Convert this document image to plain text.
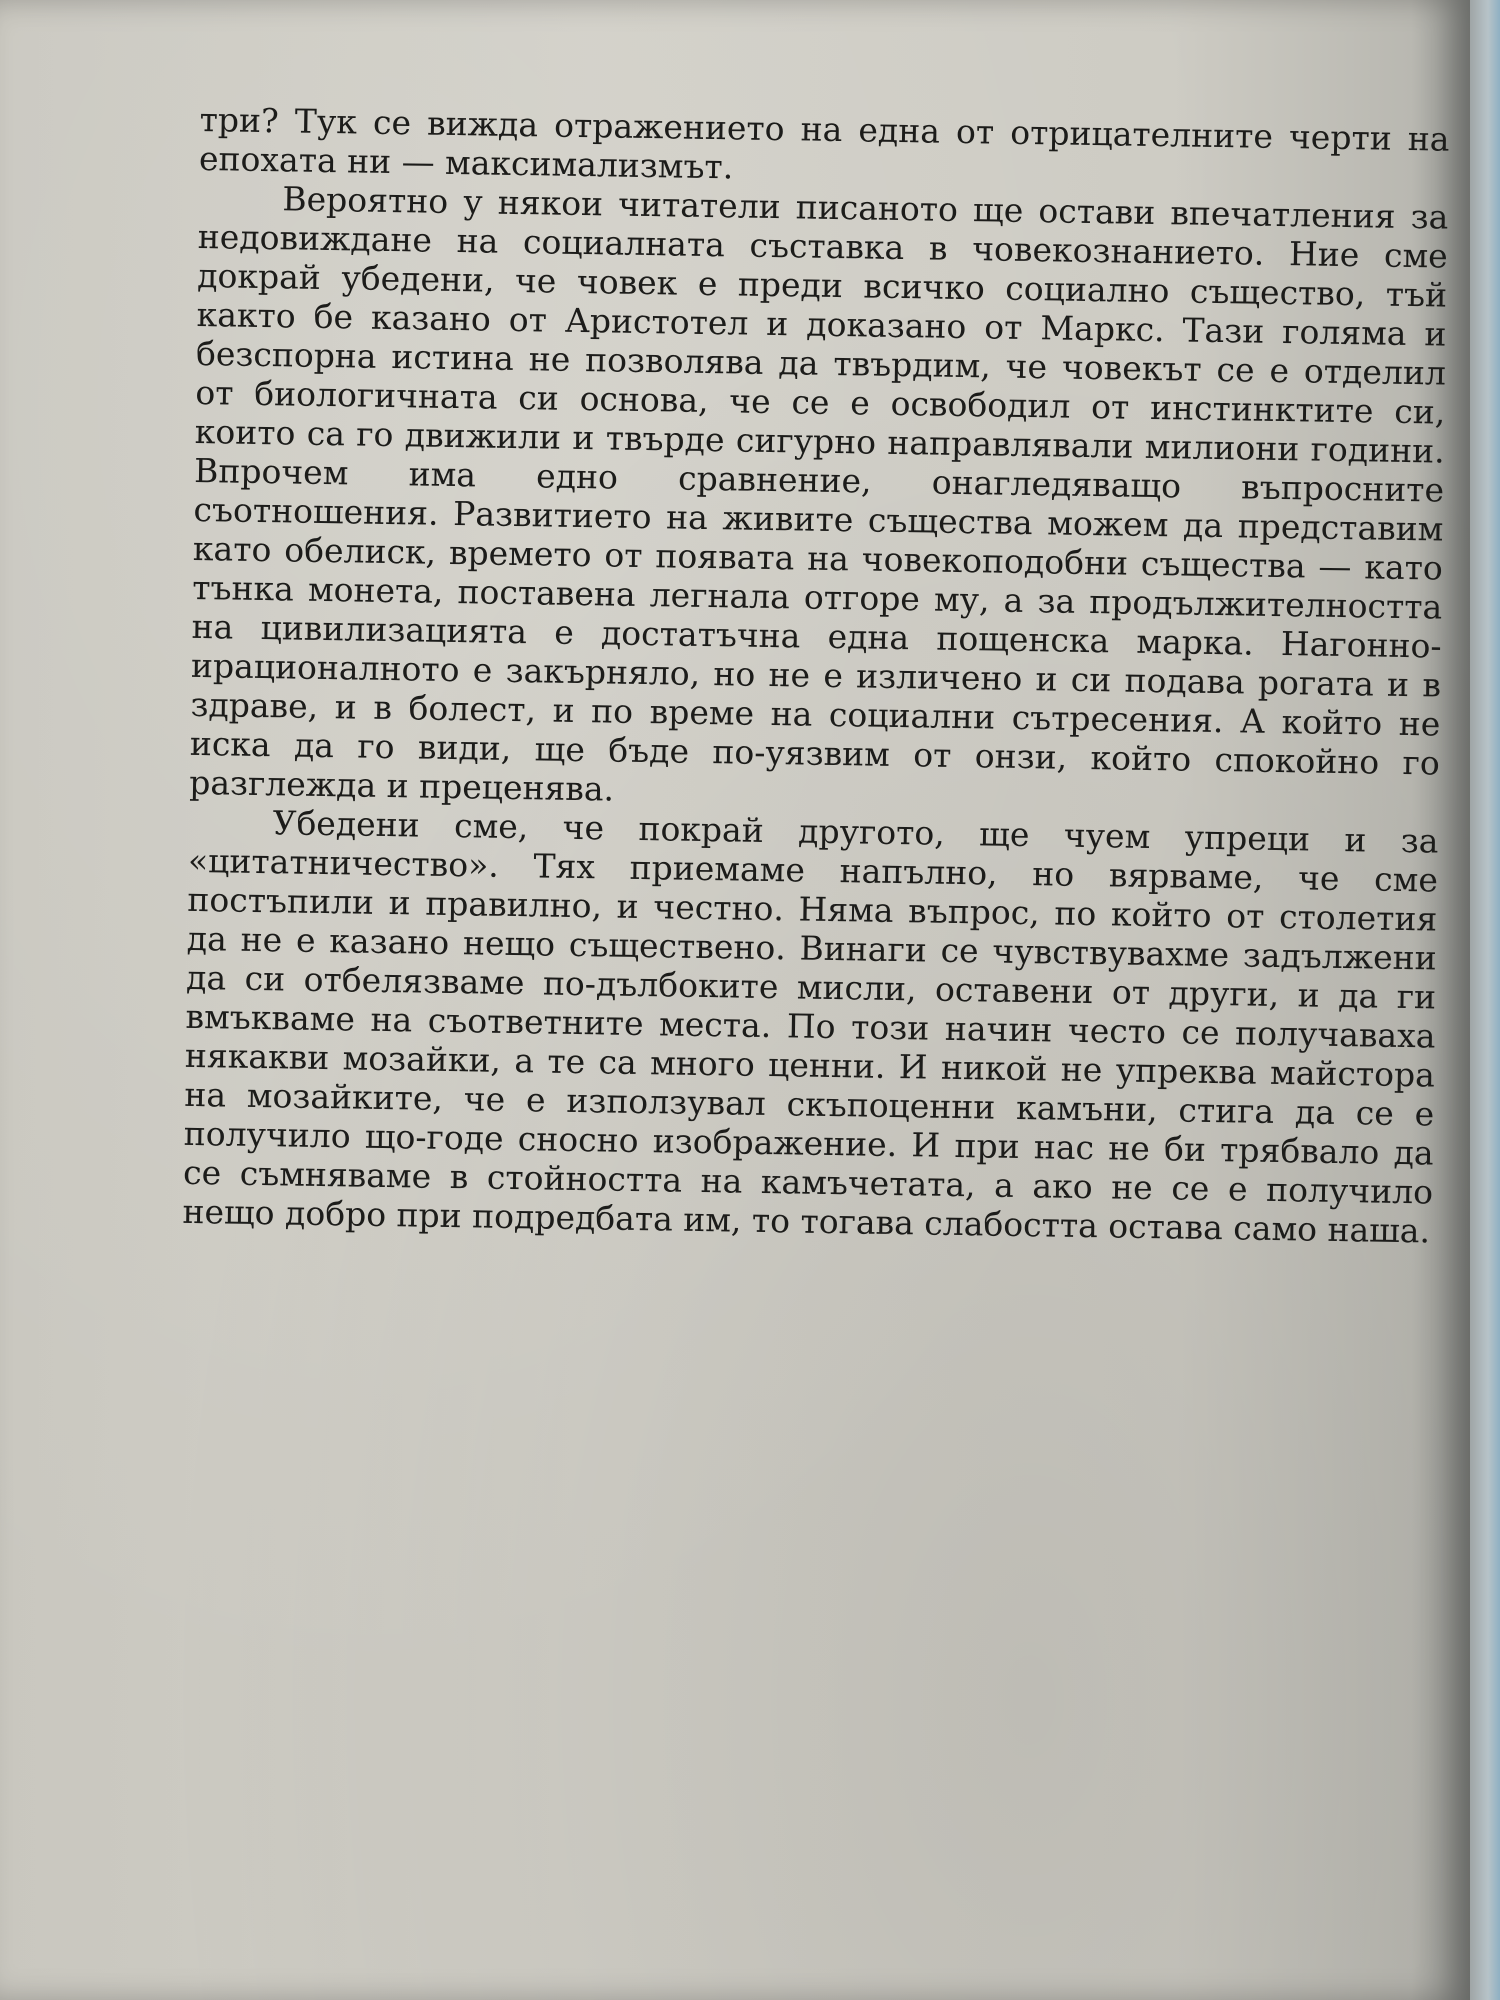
три? Тук се вижда отражението на една от отрицателните черти на епохата ни — максимализмът.

Вероятно у някои читатели писаното ще остави впечатления за недовиждане на социалната съставка в човекознанието. Ние сме докрай убедени, че човек е преди всичко социално същество, тъй както бе казано от Аристотел и доказано от Маркс. Тази голяма и безспорна истина не позволява да твърдим, че човекът се е отделил от биологичната си основа, че се е освободил от инстинктите си, които са го движили и твърде сигурно направлявали милиони години. Впрочем има едно сравнение, онагледяващо въпросните съотношения. Развитието на живите същества можем да представим като обелиск, времето от появата на човекоподобни същества — като тънка монета, поставена легнала отгоре му, а за продължителността на цивилизацията е достатъчна една пощенска марка. Нагонно-ирационалното е закърняло, но не е изличено и си подава рогата и в здраве, и в болест, и по време на социални сътресения. А който не иска да го види, ще бъде по-уязвим от онзи, който спокойно го разглежда и преценява.

Убедени сме, че покрай другото, ще чуем упреци и за «цитатничество». Тях приемаме напълно, но вярваме, че сме постъпили и правилно, и честно. Няма въпрос, по който от столетия да не е казано нещо съществено. Винаги се чувствувахме задължени да си отбелязваме по-дълбоките мисли, оставени от други, и да ги вмъкваме на съответните места. По този начин често се получаваха някакви мозайки, а те са много ценни. И никой не упреква майстора на мозайките, че е използувал скъпоценни камъни, стига да се е получило що-годе сносно изображение. И при нас не би трябвало да се съмняваме в стойността на камъчетата, а ако не се е получило нещо добро при подредбата им, то тогава слабостта остава само наша.
